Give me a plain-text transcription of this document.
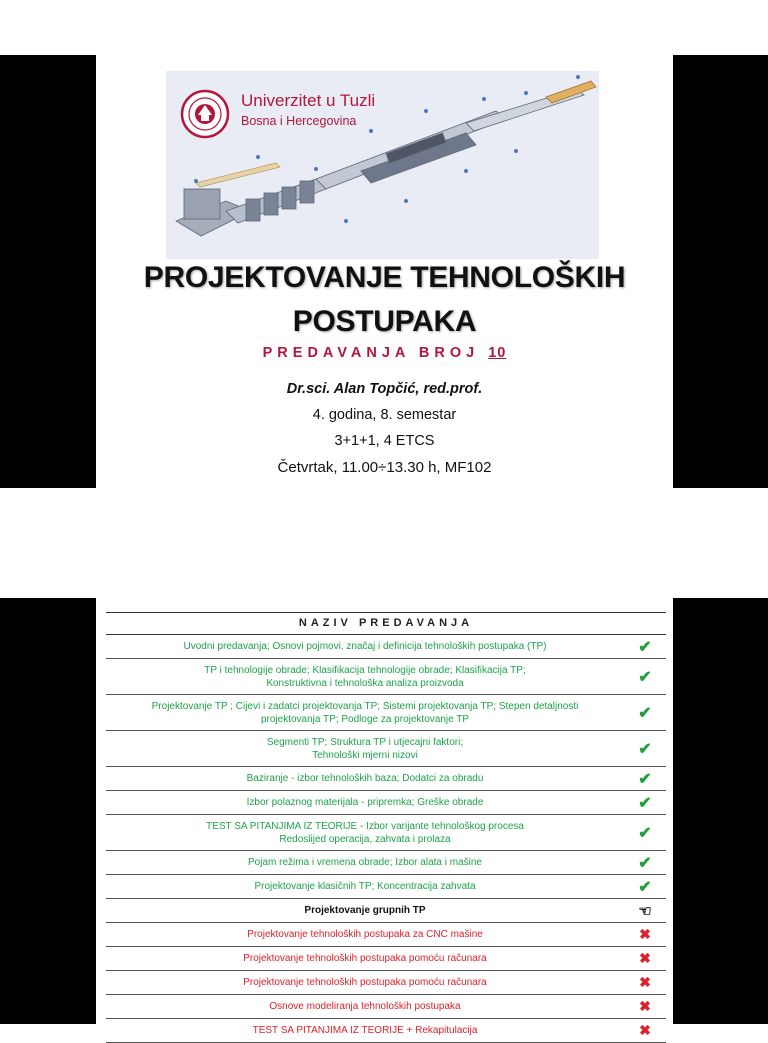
Univerzitet u Tuzli
Bosna i Hercegovina
PROJEKTOVANJE TEHNOLOŠKIH
POSTUPAKA
PREDAVANJA BROJ 10
Dr.sci. Alan Topčić, red.prof.
4. godina, 8. semestar
3+1+1, 4 ETCS
Četvrtak, 11.00÷13.30 h, MF102
NAZIV PREDAVANJA
Uvodni predavanja; Osnovi pojmovi, značaj i definicija tehnoloških postupaka (TP)	✔
TP i tehnologije obrade; Klasifikacija tehnologije obrade; Klasifikacija TP;
Konstruktivna i tehnološka analiza proizvoda	✔
Projektovanje TP ; Cijevi i zadatci projektovanja TP; Sistemi projektovanja TP; Stepen detaljnosti
projektovanja TP; Podloge za projektovanje TP	✔
Segmenti TP; Struktura TP i utjecajni faktori;
Tehnološki mjerni nizovi	✔
Baziranje - izbor tehnoloških baza; Dodatci za obradu	✔
Izbor polaznog materijala - pripremka; Greške obrade	✔
TEST SA PITANJIMA IZ TEORIJE - Izbor varijante tehnološkog procesa
Redoslijed operacija, zahvata i prolaza	✔
Pojam režima i vremena obrade; Izbor alata i mašine	✔
Projektovanje klasičnih TP; Koncentracija zahvata	✔
Projektovanje grupnih TP	☜
Projektovanje tehnoloških postupaka za CNC mašine	✖
Projektovanje tehnoloških postupaka pomoću računara	✖
Projektovanje tehnoloških postupaka pomoću računara	✖
Osnove modeliranja tehnoloških postupaka	✖
TEST SA PITANJIMA IZ TEORIJE + Rekapitulacija	✖
